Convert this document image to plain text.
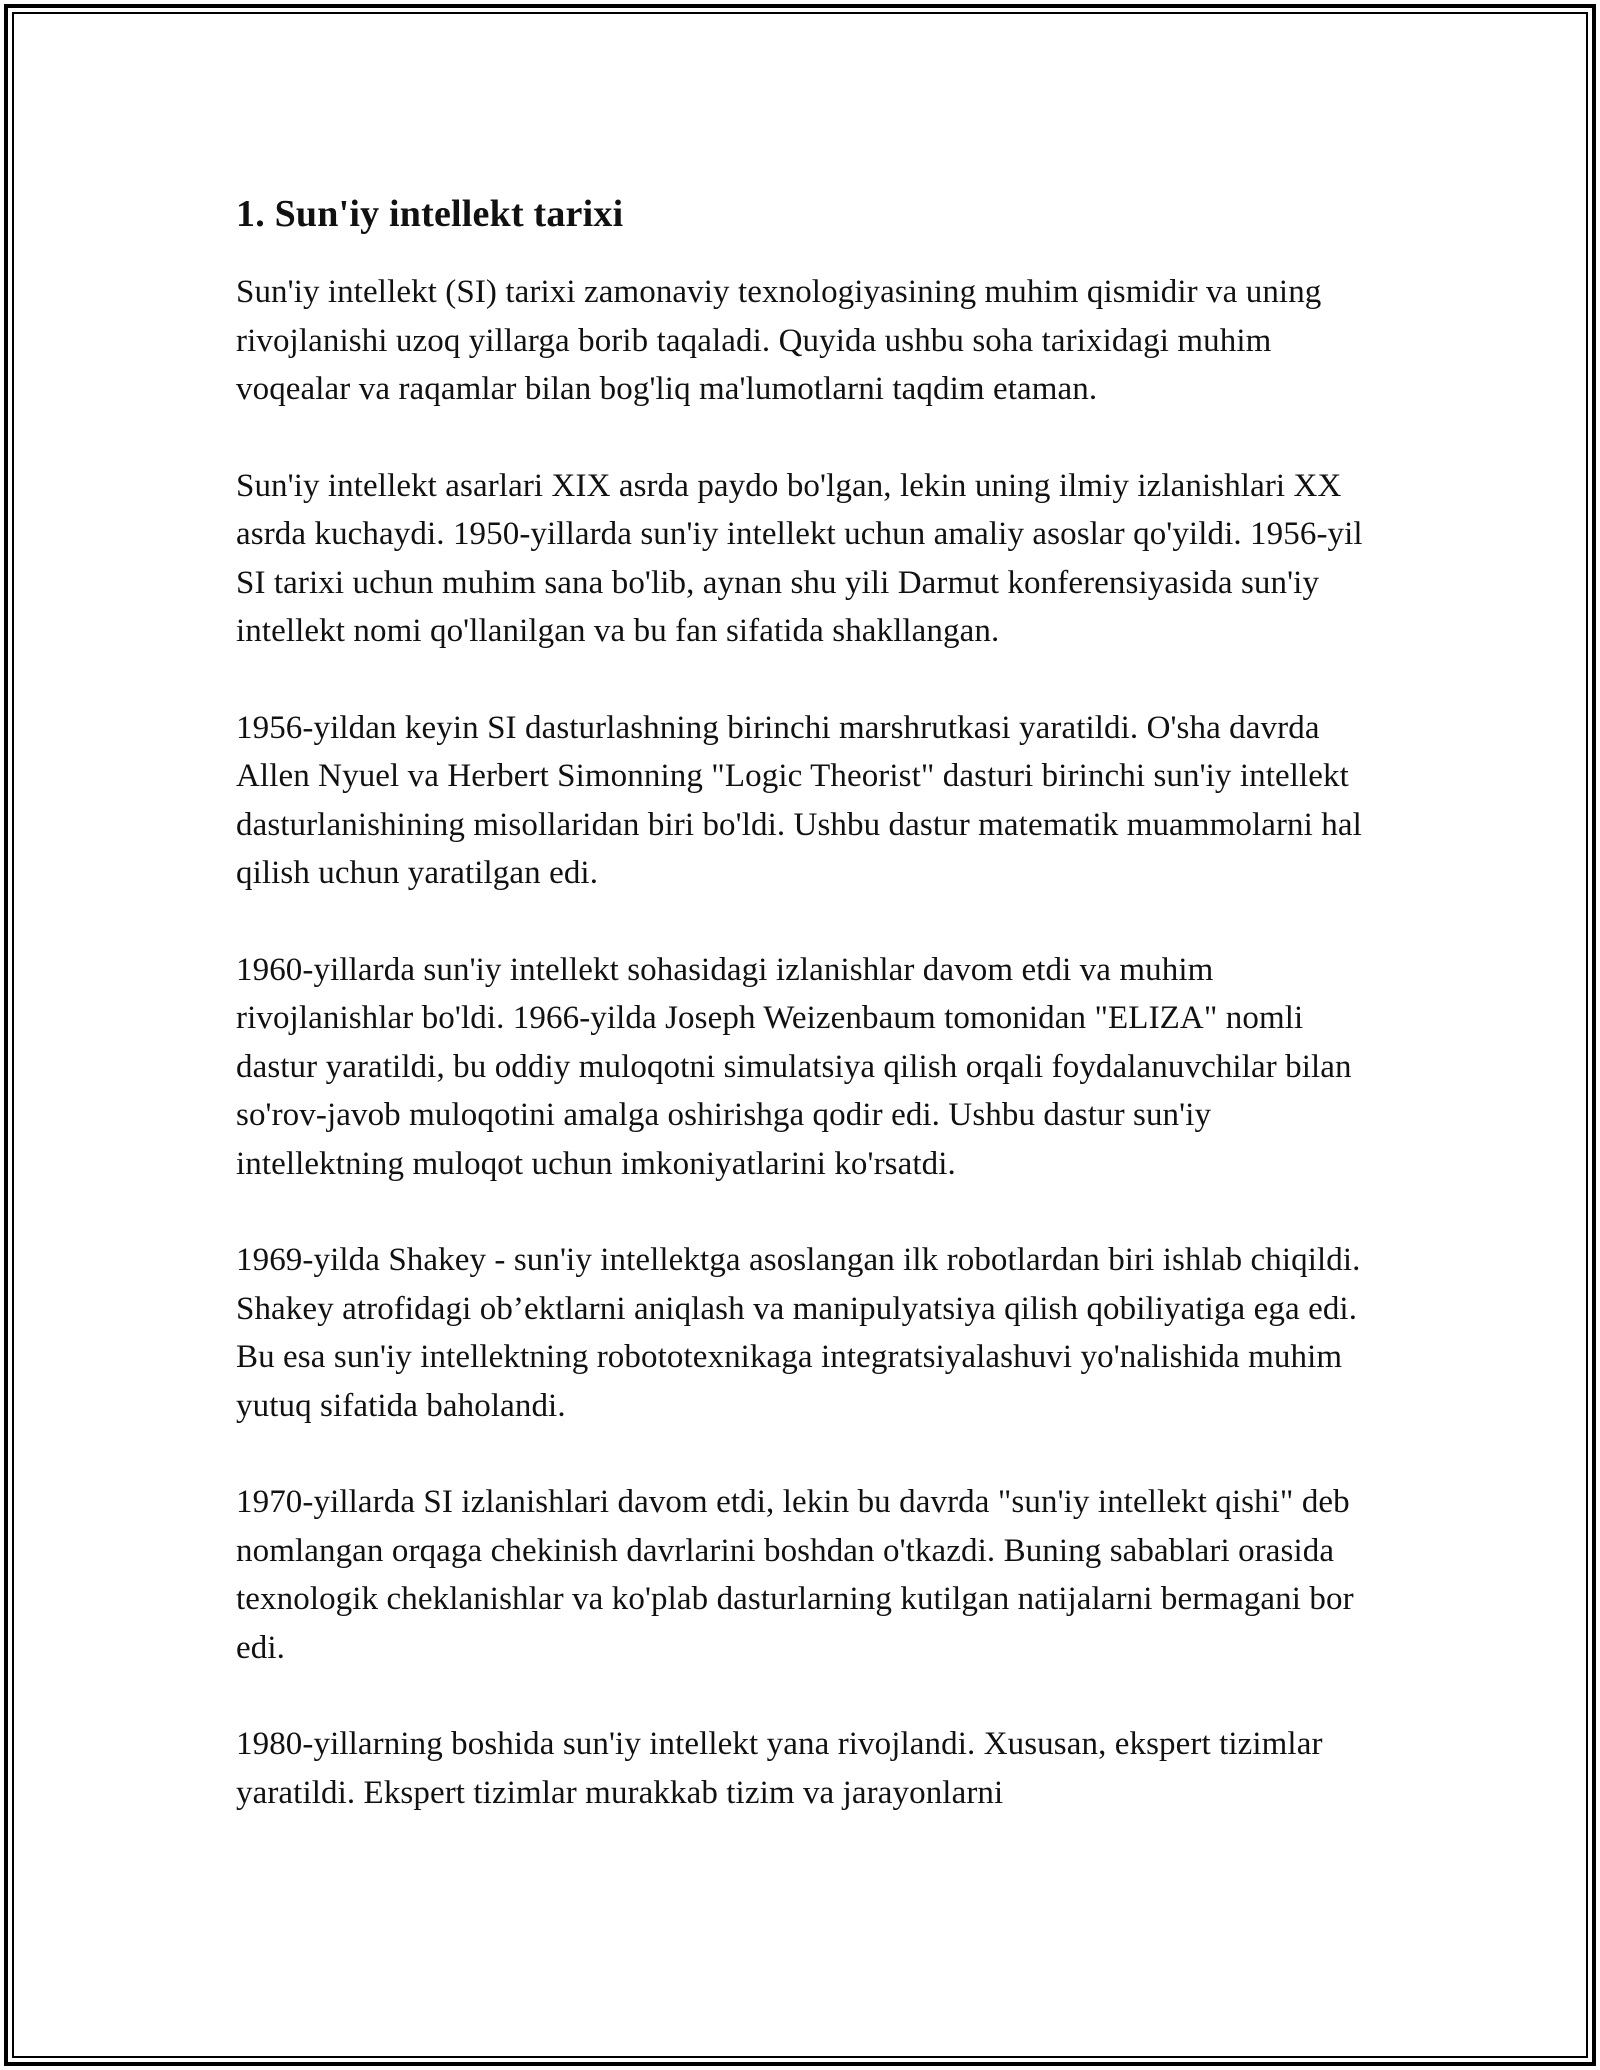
1. Sun'iy intellekt tarixi

Sun'iy intellekt (SI) tarixi zamonaviy texnologiyasining muhim qismidir va uning rivojlanishi uzoq yillarga borib taqaladi. Quyida ushbu soha tarixidagi muhim voqealar va raqamlar bilan bog'liq ma'lumotlarni taqdim etaman.

Sun'iy intellekt asarlari XIX asrda paydo bo'lgan, lekin uning ilmiy izlanishlari XX asrda kuchaydi. 1950-yillarda sun'iy intellekt uchun amaliy asoslar qo'yildi. 1956-yil SI tarixi uchun muhim sana bo'lib, aynan shu yili Darmut konferensiyasida sun'iy intellekt nomi qo'llanilgan va bu fan sifatida shakllangan.

1956-yildan keyin SI dasturlashning birinchi marshrutkasi yaratildi. O'sha davrda Allen Nyuel va Herbert Simonning "Logic Theorist" dasturi birinchi sun'iy intellekt dasturlanishining misollaridan biri bo'ldi. Ushbu dastur matematik muammolarni hal qilish uchun yaratilgan edi.

1960-yillarda sun'iy intellekt sohasidagi izlanishlar davom etdi va muhim rivojlanishlar bo'ldi. 1966-yilda Joseph Weizenbaum tomonidan "ELIZA" nomli dastur yaratildi, bu oddiy muloqotni simulatsiya qilish orqali foydalanuvchilar bilan so'rov-javob muloqotini amalga oshirishga qodir edi. Ushbu dastur sun'iy intellektning muloqot uchun imkoniyatlarini ko'rsatdi.

1969-yilda Shakey - sun'iy intellektga asoslangan ilk robotlardan biri ishlab chiqildi. Shakey atrofidagi ob’ektlarni aniqlash va manipulyatsiya qilish qobiliyatiga ega edi. Bu esa sun'iy intellektning robototexnikaga integratsiyalashuvi yo'nalishida muhim yutuq sifatida baholandi.

1970-yillarda SI izlanishlari davom etdi, lekin bu davrda "sun'iy intellekt qishi" deb nomlangan orqaga chekinish davrlarini boshdan o'tkazdi. Buning sabablari orasida texnologik cheklanishlar va ko'plab dasturlarning kutilgan natijalarni bermagani bor edi.

1980-yillarning boshida sun'iy intellekt yana rivojlandi. Xususan, ekspert tizimlar yaratildi. Ekspert tizimlar murakkab tizim va jarayonlarni
